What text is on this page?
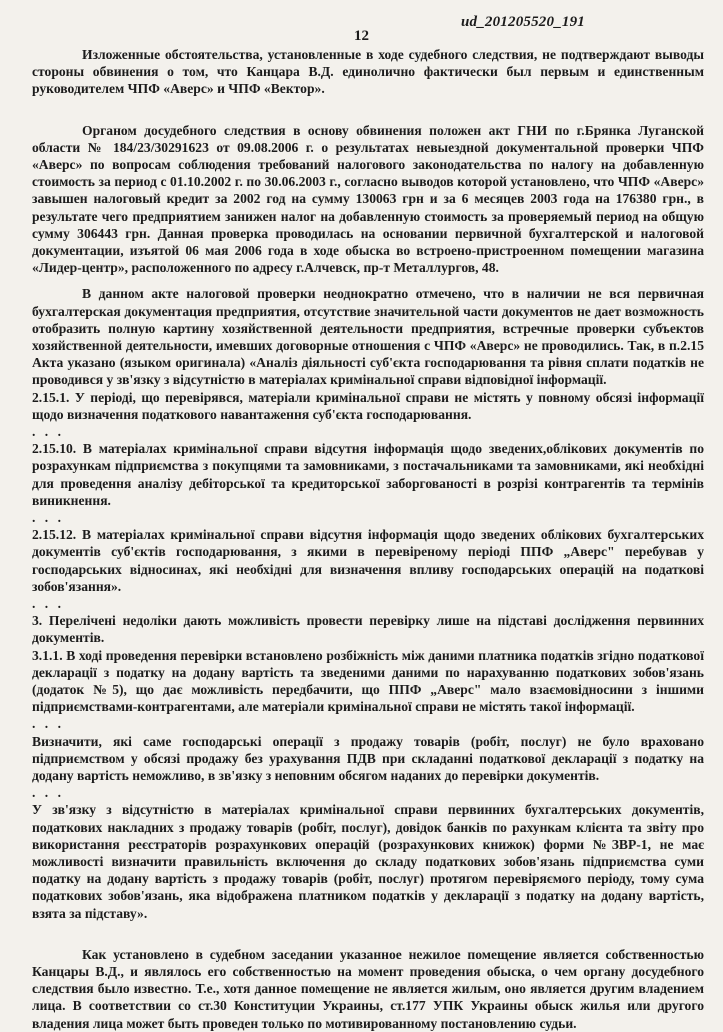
ud_201205520_191
12

Изложенные обстоятельства, установленные в ходе судебного следствия, не подтверждают выводы стороны обвинения о том, что Канцара В.Д. единолично фактически был первым и единственным руководителем ЧПФ «Аверс» и ЧПФ «Вектор».

Органом досудебного следствия в основу обвинения положен акт ГНИ по г.Брянка Луганской области № 184/23/30291623 от 09.08.2006 г. о результатах невыездной документальной проверки ЧПФ «Аверс» по вопросам соблюдения требований налогового законодательства по налогу на добавленную стоимость за период с 01.10.2002 г. по 30.06.2003 г., согласно выводов которой установлено, что ЧПФ «Аверс» завышен налоговый кредит за 2002 год на сумму 130063 грн и за 6 месяцев 2003 года на 176380 грн., в результате чего предприятием занижен налог на добавленную стоимость за проверяемый период на общую сумму 306443 грн. Данная проверка проводилась на основании первичной бухгалтерской и налоговой документации, изъятой 06 мая 2006 года в ходе обыска во встроено-пристроенном помещении магазина «Лидер-центр», расположенного по адресу г.Алчевск, пр-т Металлургов, 48.

В данном акте налоговой проверки неоднократно отмечено, что в наличии не вся первичная бухгалтерская документация предприятия, отсутствие значительной части документов не дает возможность отобразить полную картину хозяйственной деятельности предприятия, встречные проверки субъектов хозяйственной деятельности, имевших договорные отношения с ЧПФ «Аверс» не проводились. Так, в п.2.15 Акта указано (языком оригинала) «Аналіз діяльності суб'єкта господарювання та рівня сплати податків не проводився у зв'язку з відсутністю в матеріалах кримінальної справи відповідної інформації.

2.15.1. У періоді, що перевірявся, матеріали кримінальної справи не містять у повному обсязі інформації щодо визначення податкового навантаження суб'єкта господарювання.

. . .

2.15.10. В матеріалах кримінальної справи відсутня інформація щодо зведених,облікових документів по розрахункам підприємства з покупцями та замовниками, з постачальниками та замовниками, які необхідні для проведення аналізу дебіторської та кредиторської заборгованості в розрізі контрагентів та термінів виникнення.

. . .

2.15.12. В матеріалах кримінальної справи відсутня інформація щодо зведених облікових бухгалтерських документів суб'єктів господарювання, з якими в перевіреному періоді ППФ „Аверс" перебував у господарських відносинах, які необхідні для визначення впливу господарських операцій на податкові зобов'язання».

. . .

3. Перелічені недоліки дають можливість провести перевірку лише на підставі дослідження первинних документів.

3.1.1. В ході проведення перевірки встановлено розбіжність між даними платника податків згідно податкової декларації з податку на додану вартість та зведеними даними по нарахуванню податкових зобов'язань (додаток №5), що дає можливість передбачити, що ППФ „Аверс" мало взаємовідносини з іншими підприємствами-контрагентами, але матеріали кримінальної справи не містять такої інформації.

. . .

Визначити, які саме господарські операції з продажу товарів (робіт, послуг) не було враховано підприємством у обсязі продажу без урахування ПДВ при складанні податкової декларації з податку на додану вартість неможливо, в зв'язку з неповним обсягом наданих до перевірки документів.

. . .

У зв'язку з відсутністю в матеріалах кримінальної справи первинних бухгалтерських документів, податкових накладних з продажу товарів (робіт, послуг), довідок банків по рахункам клієнта та звіту про використання реєстраторів розрахункових операцій (розрахункових книжок) форми №ЗВР-1, не має можливості визначити правильність включення до складу податкових зобов'язань підприємства суми податку на додану вартість з продажу товарів (робіт, послуг) протягом перевіряємого періоду, тому сума податкових зобов'язань, яка відображена платником податків у декларації з податку на додану вартість, взята за підставу».

Как установлено в судебном заседании указанное нежилое помещение является собственностью Канцары В.Д., и являлось его собственностью на момент проведения обыска, о чем органу досудебного следствия было известно. Т.е., хотя данное помещение не является жилым, оно является другим владением лица. В соответствии со ст.30 Конституции Украины, ст.177 УПК Украины обыск жилья или другого владения лица может быть проведен только по мотивированному постановлению судьи.
